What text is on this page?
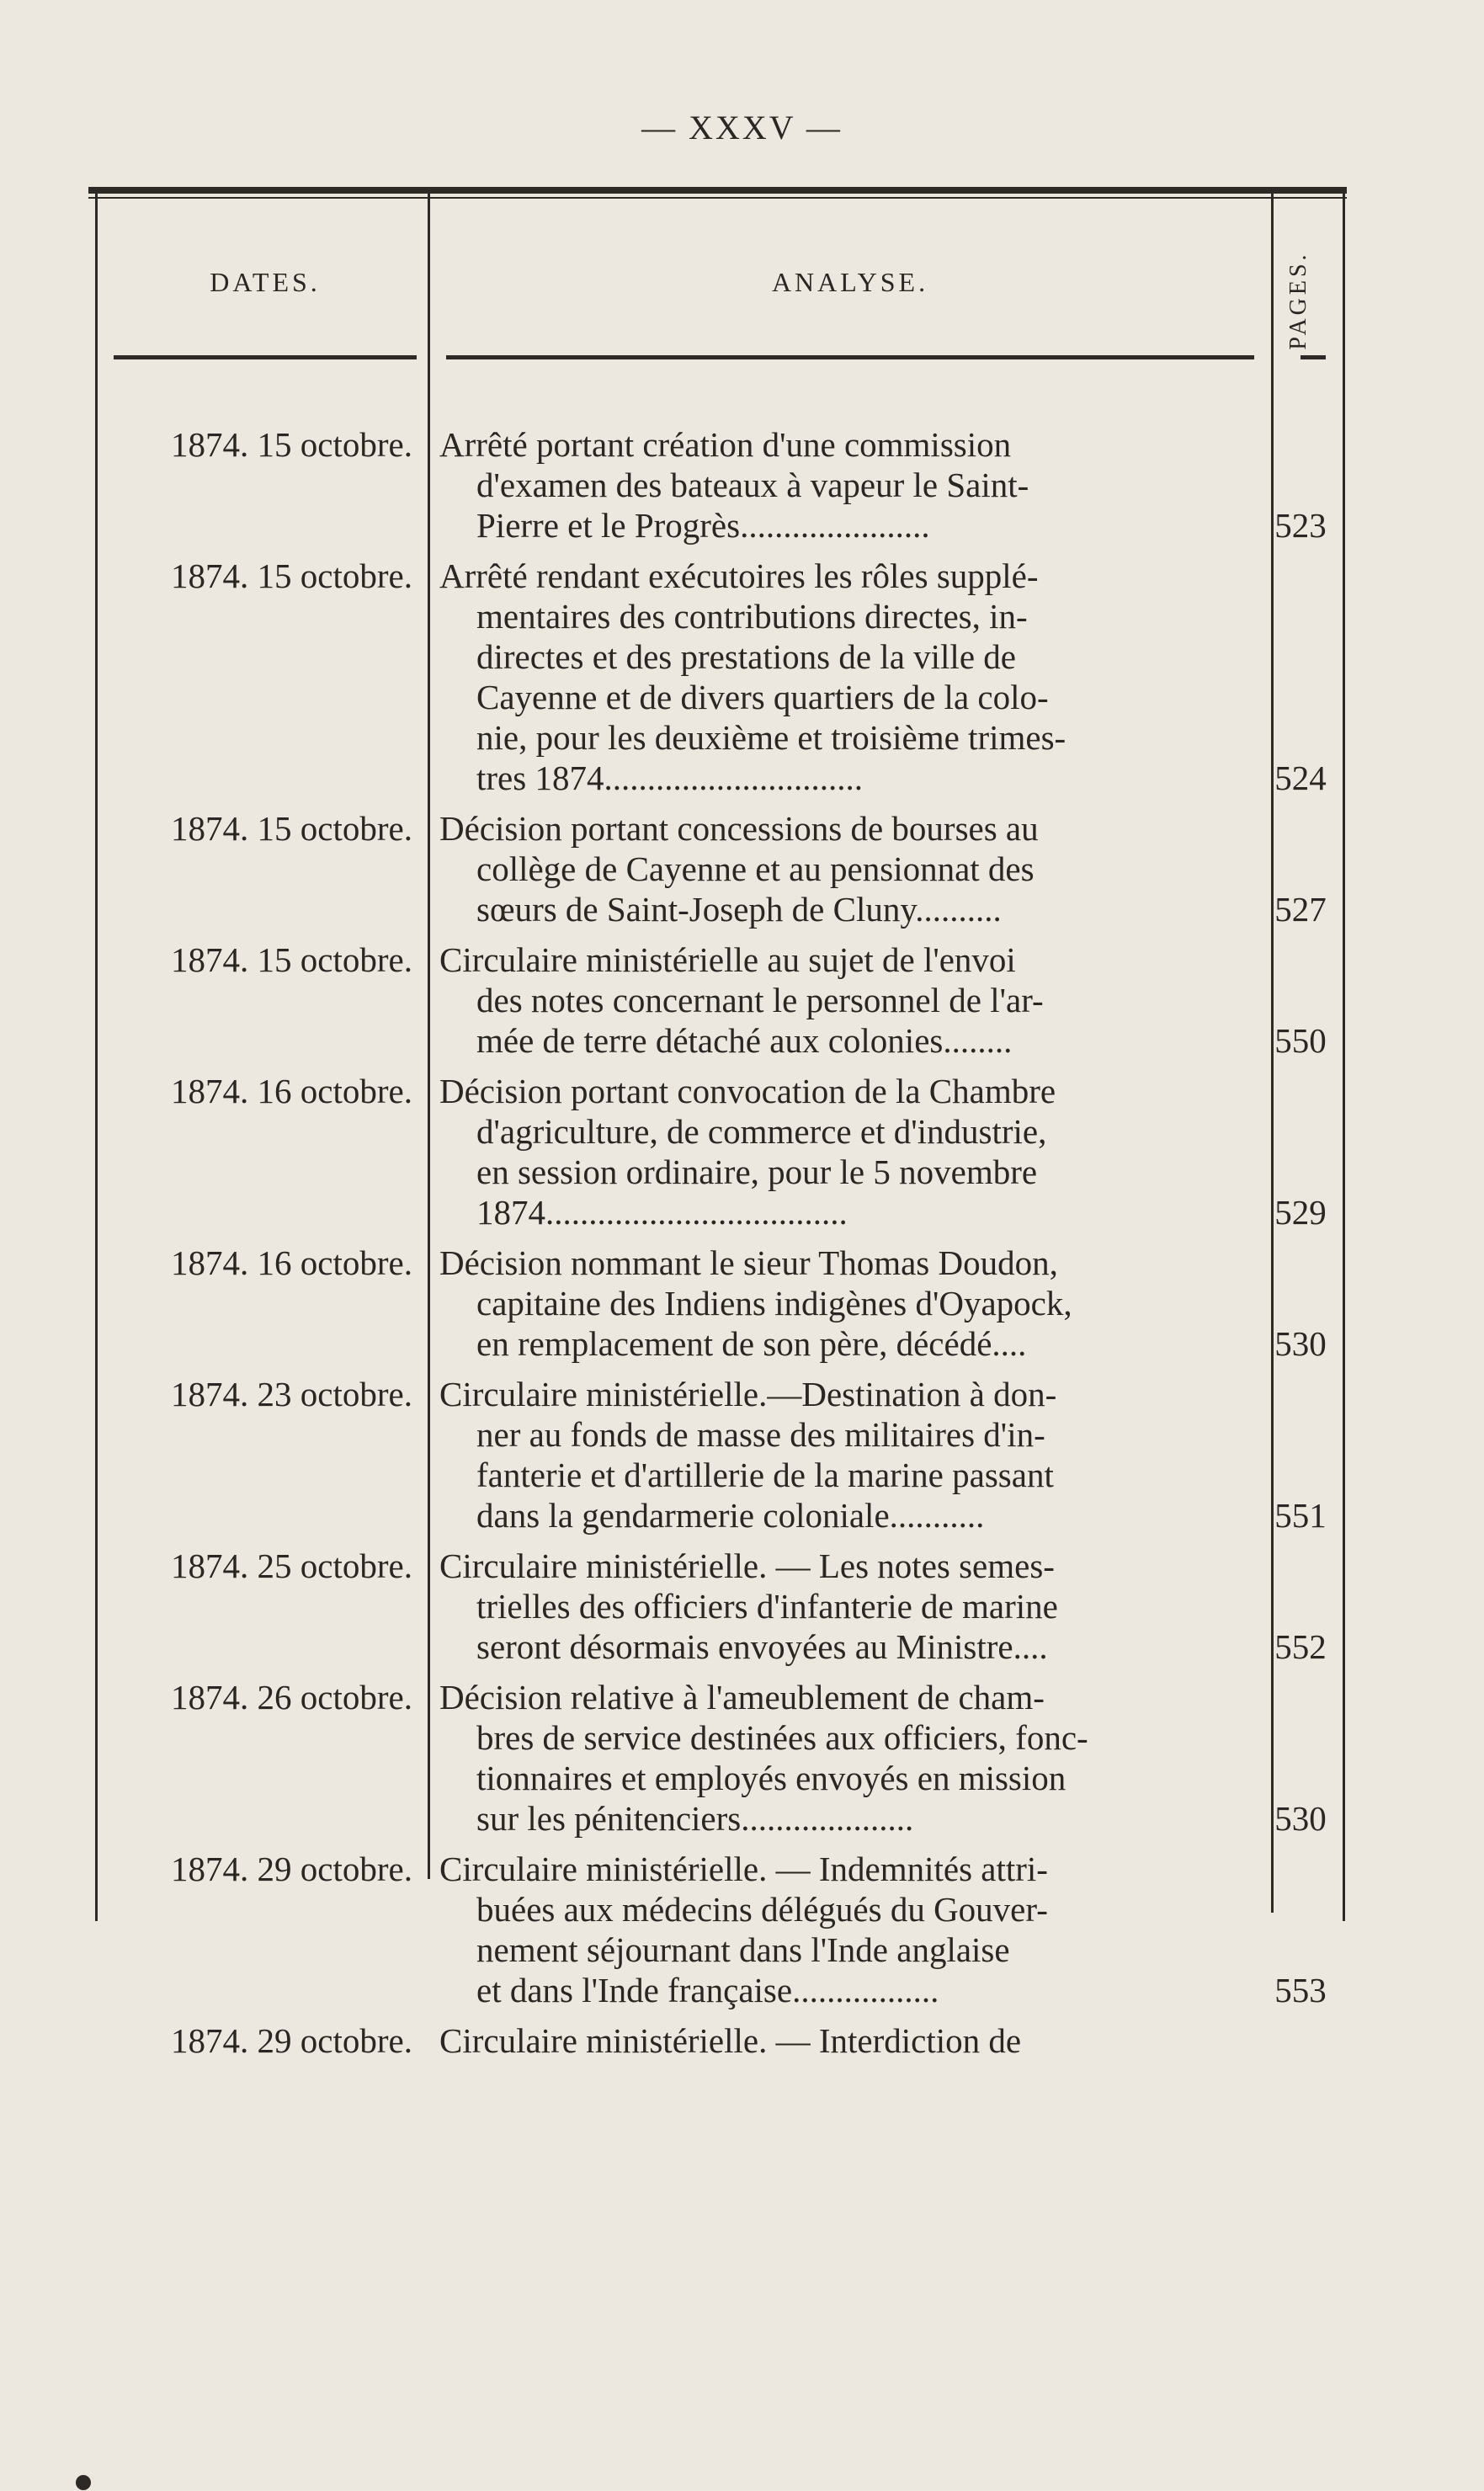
— XXXV —
DATES.	ANALYSE.	PAGES.
1874. 15 octobre. Arrêté portant création d'une commission
d'examen des bateaux à vapeur le Saint-
Pierre et le Progrès......................	523
1874. 15 octobre. Arrêté rendant exécutoires les rôles supplé-
mentaires des contributions directes, in-
directes et des prestations de la ville de
Cayenne et de divers quartiers de la colo-
nie, pour les deuxième et troisième trimes-
tres 1874..............................	524
1874. 15 octobre. Décision portant concessions de bourses au
collège de Cayenne et au pensionnat des
sœurs de Saint-Joseph de Cluny..........	527
1874. 15 octobre. Circulaire ministérielle au sujet de l'envoi
des notes concernant le personnel de l'ar-
mée de terre détaché aux colonies........	550
1874. 16 octobre. Décision portant convocation de la Chambre
d'agriculture, de commerce et d'industrie,
en session ordinaire, pour le 5 novembre
1874...................................	529
1874. 16 octobre. Décision nommant le sieur Thomas Doudon,
capitaine des Indiens indigènes d'Oyapock,
en remplacement de son père, décédé....	530
1874. 23 octobre. Circulaire ministérielle.—Destination à don-
ner au fonds de masse des militaires d'in-
fanterie et d'artillerie de la marine passant
dans la gendarmerie coloniale...........	551
1874. 25 octobre. Circulaire ministérielle. — Les notes semes-
trielles des officiers d'infanterie de marine
seront désormais envoyées au Ministre....	552
1874. 26 octobre. Décision relative à l'ameublement de cham-
bres de service destinées aux officiers, fonc-
tionnaires et employés envoyés en mission
sur les pénitenciers....................	530
1874. 29 octobre. Circulaire ministérielle. — Indemnités attri-
buées aux médecins délégués du Gouver-
nement séjournant dans l'Inde anglaise
et dans l'Inde française.................	553
1874. 29 octobre. Circulaire ministérielle. — Interdiction de
